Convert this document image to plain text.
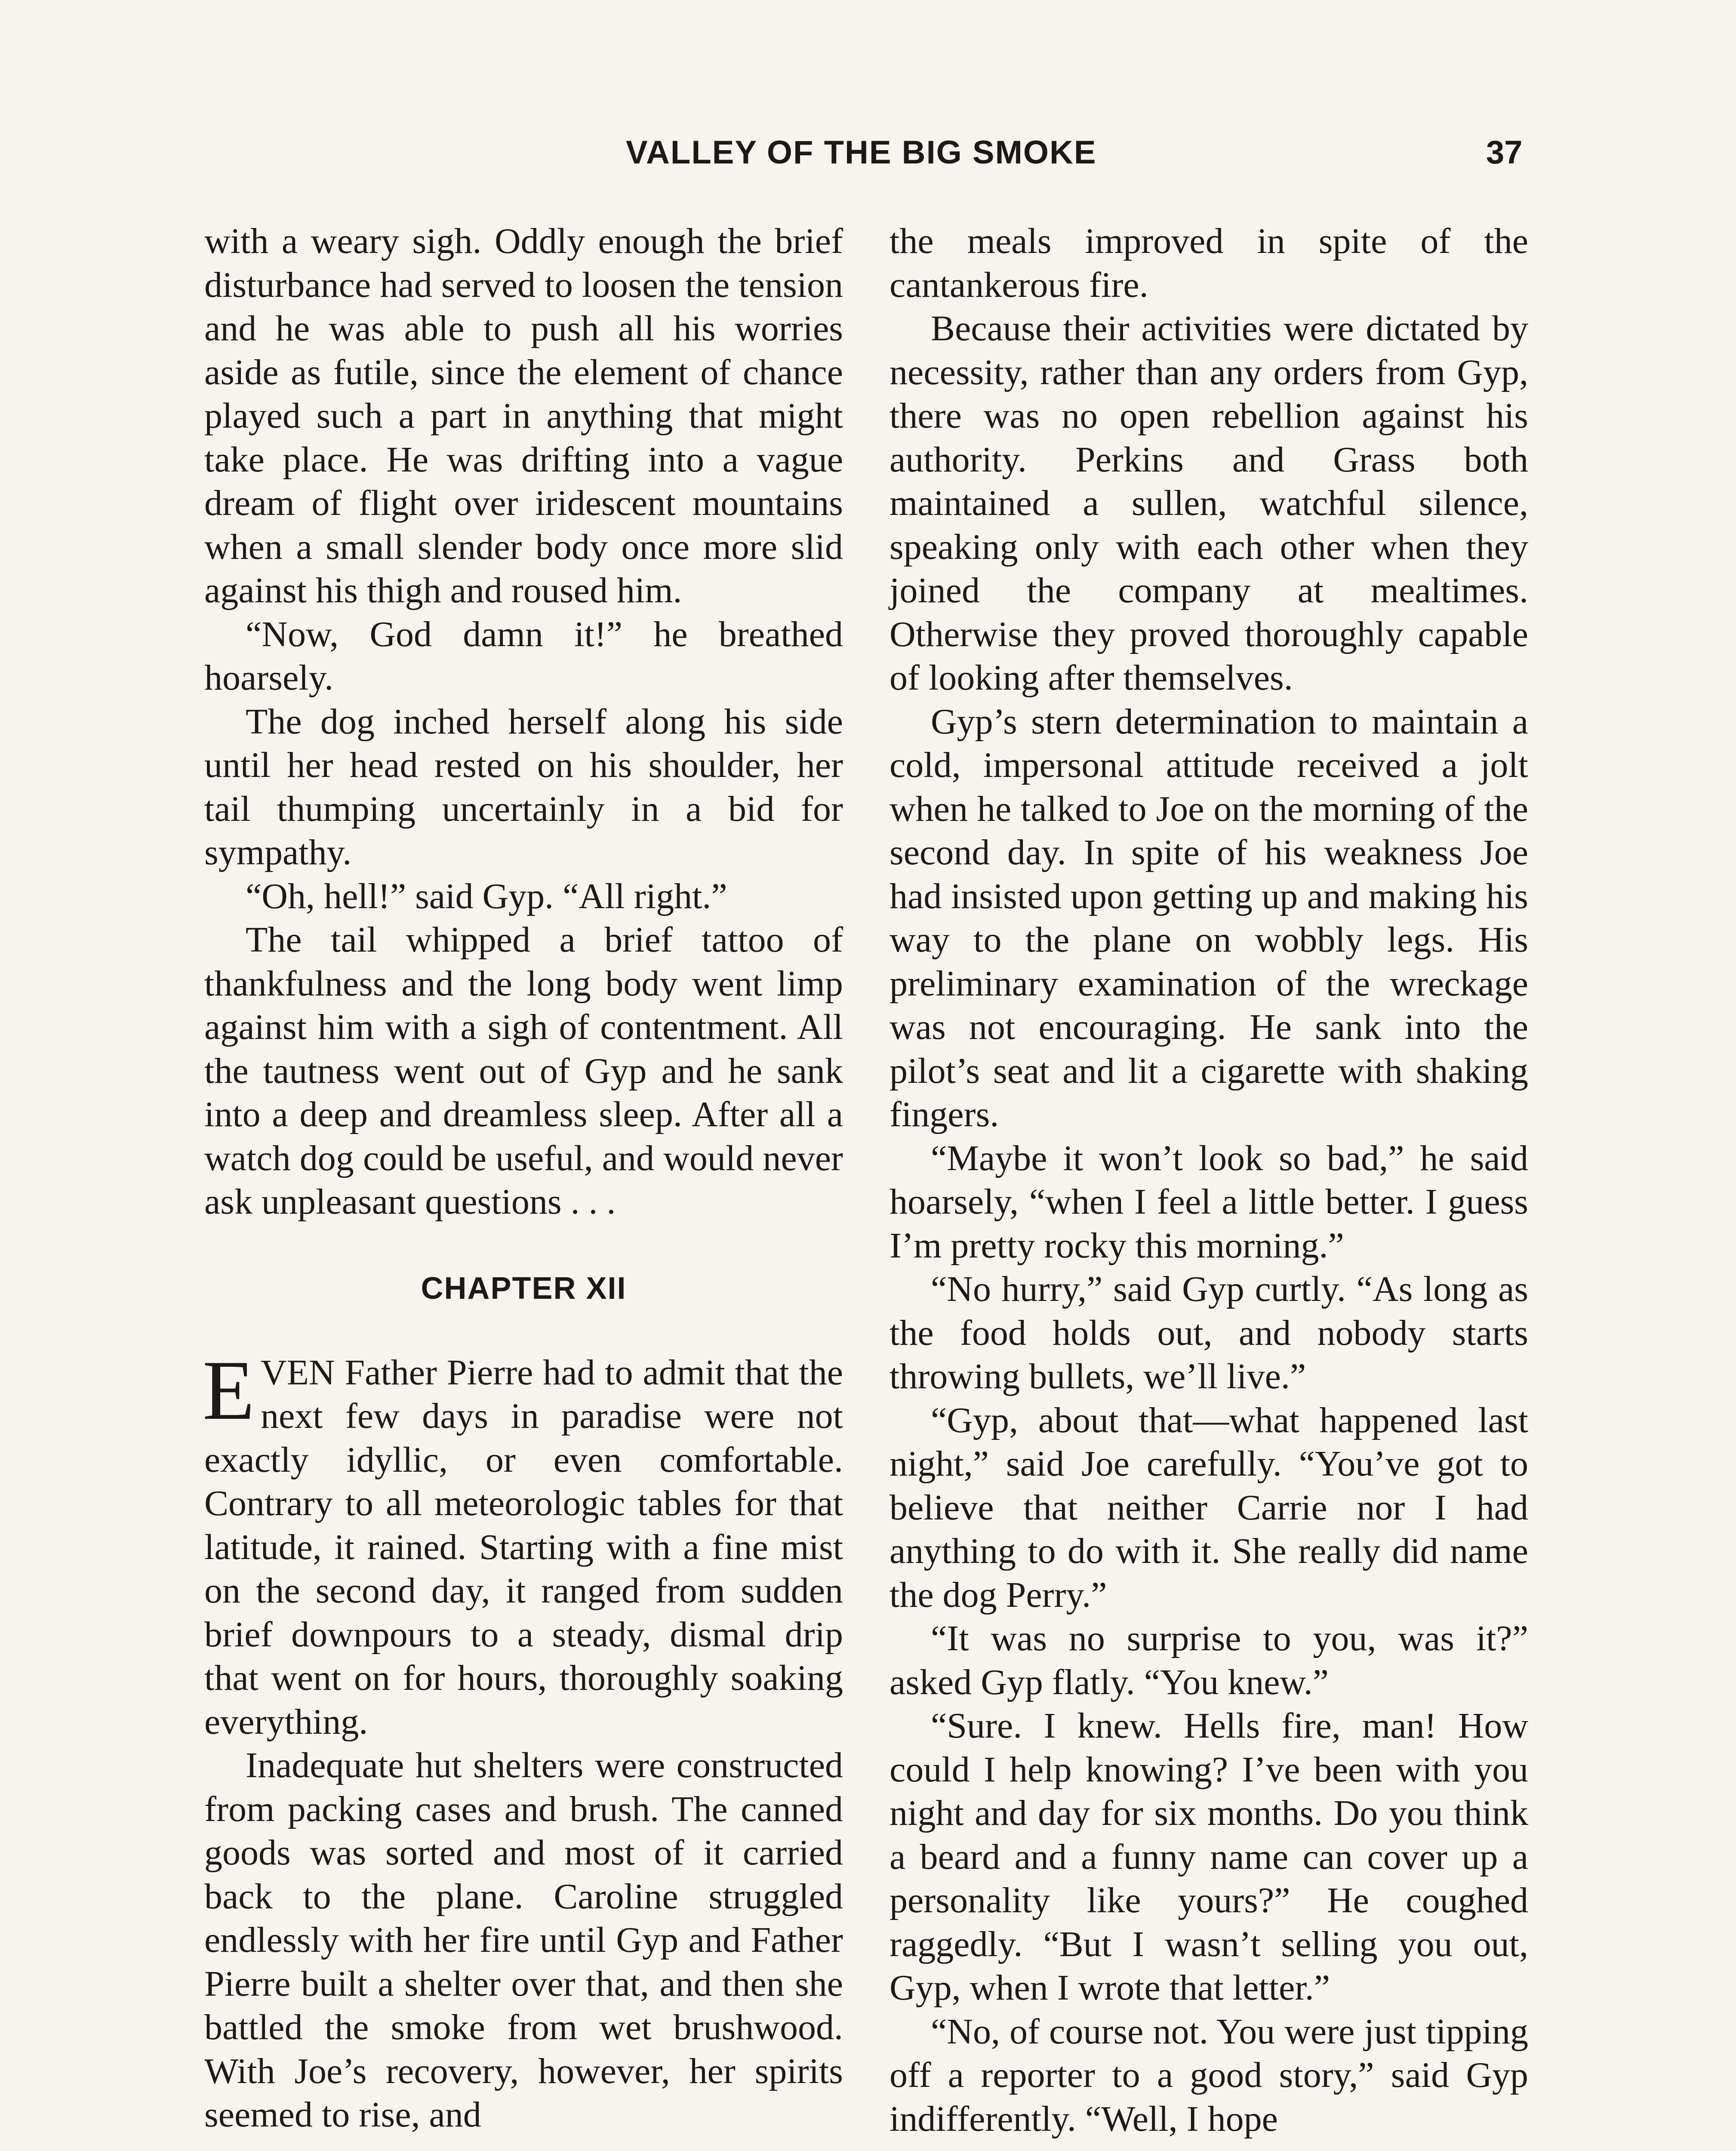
VALLEY OF THE BIG SMOKE	37

with a weary sigh. Oddly enough the brief disturbance had served to loosen the tension and he was able to push all his worries aside as futile, since the element of chance played such a part in anything that might take place. He was drifting into a vague dream of flight over iridescent mountains when a small slender body once more slid against his thigh and roused him.

“Now, God damn it!” he breathed hoarsely.

The dog inched herself along his side until her head rested on his shoulder, her tail thumping uncertainly in a bid for sympathy.

“Oh, hell!” said Gyp. “All right.”

The tail whipped a brief tattoo of thankfulness and the long body went limp against him with a sigh of contentment. All the tautness went out of Gyp and he sank into a deep and dreamless sleep. After all a watch dog could be useful, and would never ask unpleasant questions . . .

CHAPTER XII

EVEN Father Pierre had to admit that the next few days in paradise were not exactly idyllic, or even comfortable. Contrary to all meteorologic tables for that latitude, it rained. Starting with a fine mist on the second day, it ranged from sudden brief downpours to a steady, dismal drip that went on for hours, thoroughly soaking everything.

Inadequate hut shelters were constructed from packing cases and brush. The canned goods was sorted and most of it carried back to the plane. Caroline struggled endlessly with her fire until Gyp and Father Pierre built a shelter over that, and then she battled the smoke from wet brushwood. With Joe’s recovery, however, her spirits seemed to rise, and

the meals improved in spite of the cantankerous fire.

Because their activities were dictated by necessity, rather than any orders from Gyp, there was no open rebellion against his authority. Perkins and Grass both maintained a sullen, watchful silence, speaking only with each other when they joined the company at mealtimes. Otherwise they proved thoroughly capable of looking after themselves.

Gyp’s stern determination to maintain a cold, impersonal attitude received a jolt when he talked to Joe on the morning of the second day. In spite of his weakness Joe had insisted upon getting up and making his way to the plane on wobbly legs. His preliminary examination of the wreckage was not encouraging. He sank into the pilot’s seat and lit a cigarette with shaking fingers.

“Maybe it won’t look so bad,” he said hoarsely, “when I feel a little better. I guess I’m pretty rocky this morning.”

“No hurry,” said Gyp curtly. “As long as the food holds out, and nobody starts throwing bullets, we’ll live.”

“Gyp, about that—what happened last night,” said Joe carefully. “You’ve got to believe that neither Carrie nor I had anything to do with it. She really did name the dog Perry.”

“It was no surprise to you, was it?” asked Gyp flatly. “You knew.”

“Sure. I knew. Hells fire, man! How could I help knowing? I’ve been with you night and day for six months. Do you think a beard and a funny name can cover up a personality like yours?” He coughed raggedly. “But I wasn’t selling you out, Gyp, when I wrote that letter.”

“No, of course not. You were just tipping off a reporter to a good story,” said Gyp indifferently. “Well, I hope
